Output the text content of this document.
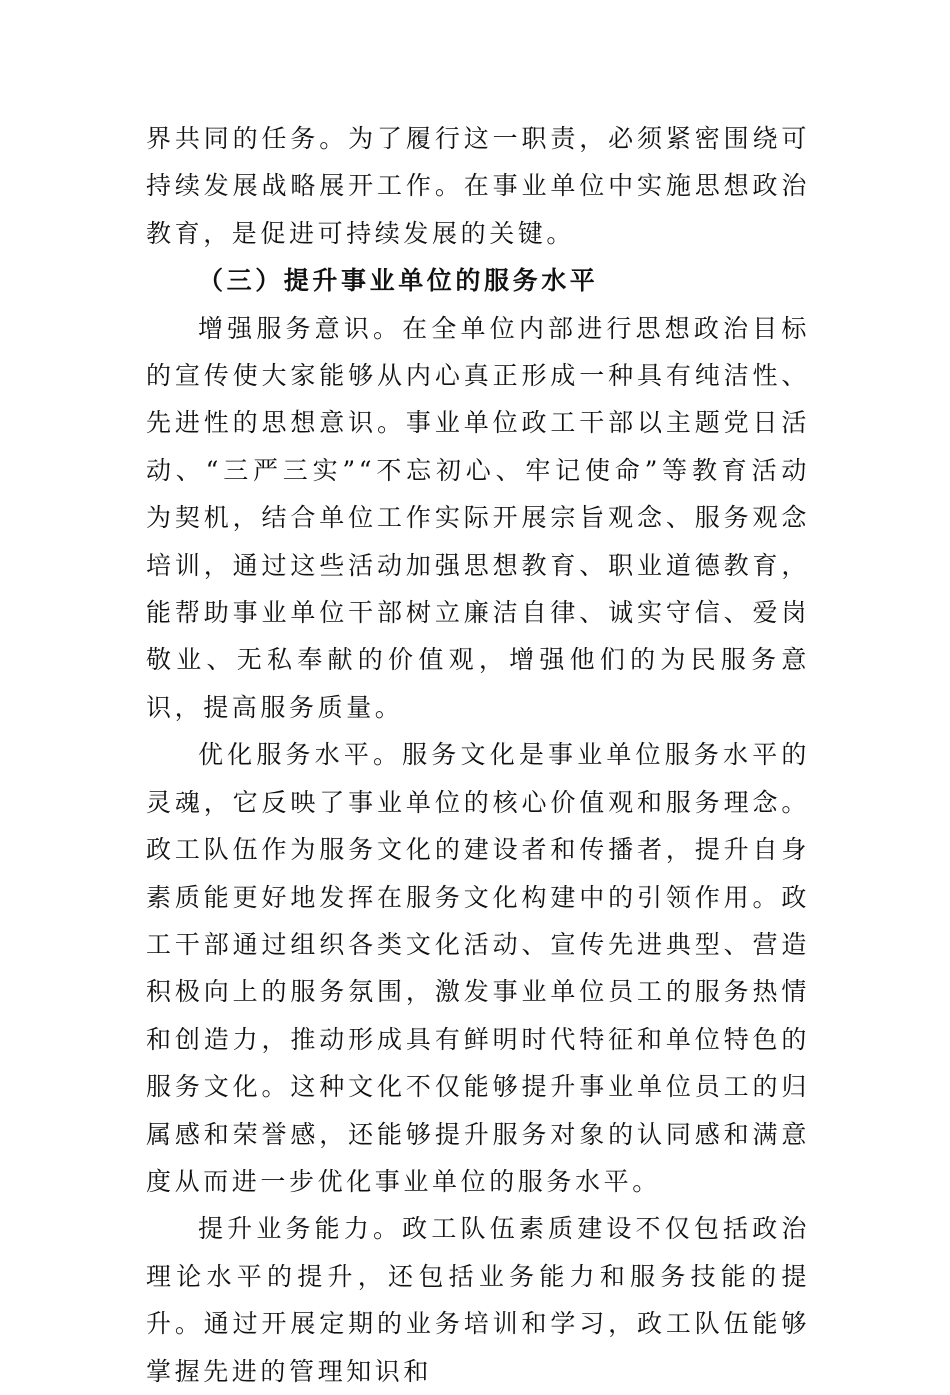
界共同的任务。为了履行这一职责，必须紧密围绕可持续发展战略展开工作。在事业单位中实施思想政治教育，是促进可持续发展的关键。

（三）提升事业单位的服务水平

增强服务意识。在全单位内部进行思想政治目标的宣传使大家能够从内心真正形成一种具有纯洁性、先进性的思想意识。事业单位政工干部以主题党日活动、“三严三实”“不忘初心、牢记使命”等教育活动为契机，结合单位工作实际开展宗旨观念、服务观念培训，通过这些活动加强思想教育、职业道德教育，能帮助事业单位干部树立廉洁自律、诚实守信、爱岗敬业、无私奉献的价值观，增强他们的为民服务意识，提高服务质量。

优化服务水平。服务文化是事业单位服务水平的灵魂，它反映了事业单位的核心价值观和服务理念。政工队伍作为服务文化的建设者和传播者，提升自身素质能更好地发挥在服务文化构建中的引领作用。政工干部通过组织各类文化活动、宣传先进典型、营造积极向上的服务氛围，激发事业单位员工的服务热情和创造力，推动形成具有鲜明时代特征和单位特色的服务文化。这种文化不仅能够提升事业单位员工的归属感和荣誉感，还能够提升服务对象的认同感和满意度从而进一步优化事业单位的服务水平。

提升业务能力。政工队伍素质建设不仅包括政治理论水平的提升，还包括业务能力和服务技能的提升。通过开展定期的业务培训和学习，政工队伍能够掌握先进的管理知识和
